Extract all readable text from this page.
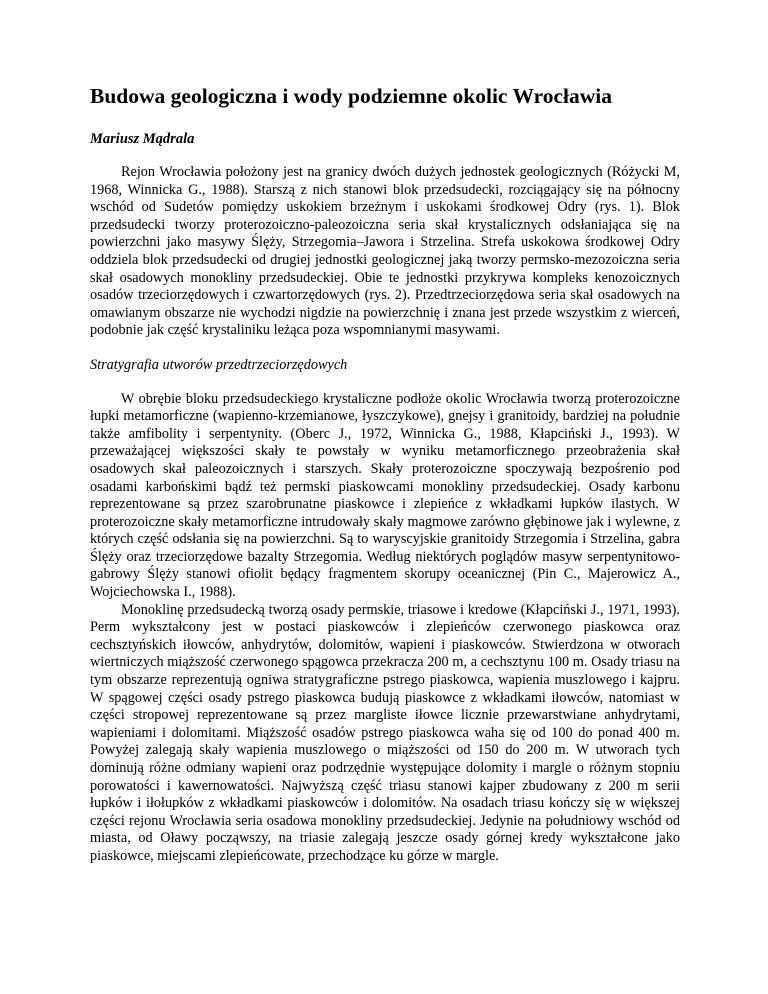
Budowa geologiczna i wody podziemne okolic Wrocławia

Mariusz Mądrala

Rejon Wrocławia położony jest na granicy dwóch dużych jednostek geologicznych (Różycki M, 1968, Winnicka G., 1988). Starszą z nich stanowi blok przedsudecki, rozciągający się na północny wschód od Sudetów pomiędzy uskokiem brzeżnym i uskokami środkowej Odry (rys. 1). Blok przedsudecki tworzy proterozoiczno-paleozoiczna seria skał krystalicznych odsłaniająca się na powierzchni jako masywy Ślęży, Strzegomia–Jawora i Strzelina. Strefa uskokowa środkowej Odry oddziela blok przedsudecki od drugiej jednostki geologicznej jaką tworzy permsko-mezozoiczna seria skał osadowych monokliny przedsudeckiej. Obie te jednostki przykrywa kompleks kenozoicznych osadów trzeciorzędowych i czwartorzędowych (rys. 2). Przedtrzeciorzędowa seria skał osadowych na omawianym obszarze nie wychodzi nigdzie na powierzchnię i znana jest przede wszystkim z wierceń, podobnie jak część krystaliniku leżąca poza wspomnianymi masywami.

Stratygrafia utworów przedtrzeciorzędowych

W obrębie bloku przedsudeckiego krystaliczne podłoże okolic Wrocławia tworzą proterozoiczne łupki metamorficzne (wapienno-krzemianowe, łyszczykowe), gnejsy i granitoidy, bardziej na południe także amfibolity i serpentynity. (Oberc J., 1972, Winnicka G., 1988, Kłapciński J., 1993). W przeważającej większości skały te powstały w wyniku metamorficznego przeobrażenia skał osadowych skał paleozoicznych i starszych. Skały proterozoiczne spoczywają bezpośrenio pod osadami karbońskimi bądź też permski piaskowcami monokliny przedsudeckiej. Osady karbonu reprezentowane są przez szarobrunatne piaskowce i zlepieńce z wkładkami łupków ilastych. W proterozoiczne skały metamorficzne intrudowały skały magmowe zarówno głębinowe jak i wylewne, z których część odsłania się na powierzchni. Są to waryscyjskie granitoidy Strzegomia i Strzelina, gabra Ślęży oraz trzeciorzędowe bazalty Strzegomia. Według niektórych poglądów masyw serpentynitowo-gabrowy Ślęży stanowi ofiolit będący fragmentem skorupy oceanicznej (Pin C., Majerowicz A., Wojciechowska I., 1988).

Monoklinę przedsudecką tworzą osady permskie, triasowe i kredowe (Kłapciński J., 1971, 1993). Perm wykształcony jest w postaci piaskowców i zlepieńców czerwonego piaskowca oraz cechsztyńskich iłowców, anhydrytów, dolomitów, wapieni i piaskowców. Stwierdzona w otworach wiertniczych miąższość czerwonego spągowca przekracza 200 m, a cechsztynu 100 m. Osady triasu na tym obszarze reprezentują ogniwa stratygraficzne pstrego piaskowca, wapienia muszlowego i kajpru. W spągowej części osady pstrego piaskowca budują piaskowce z wkładkami iłowców, natomiast w części stropowej reprezentowane są przez margliste iłowce licznie przewarstwiane anhydrytami, wapieniami i dolomitami. Miąższość osadów pstrego piaskowca waha się od 100 do ponad 400 m. Powyżej zalegają skały wapienia muszlowego o miąższości od 150 do 200 m. W utworach tych dominują różne odmiany wapieni oraz podrzędnie występujące dolomity i margle o różnym stopniu porowatości i kawernowatości. Najwyższą część triasu stanowi kajper zbudowany z 200 m serii łupków i iłołupków z wkładkami piaskowców i dolomitów. Na osadach triasu kończy się w większej części rejonu Wrocławia seria osadowa monokliny przedsudeckiej. Jedynie na południowy wschód od miasta, od Oławy począwszy, na triasie zalegają jeszcze osady górnej kredy wykształcone jako piaskowce, miejscami zlepieńcowate, przechodzące ku górze w margle.
